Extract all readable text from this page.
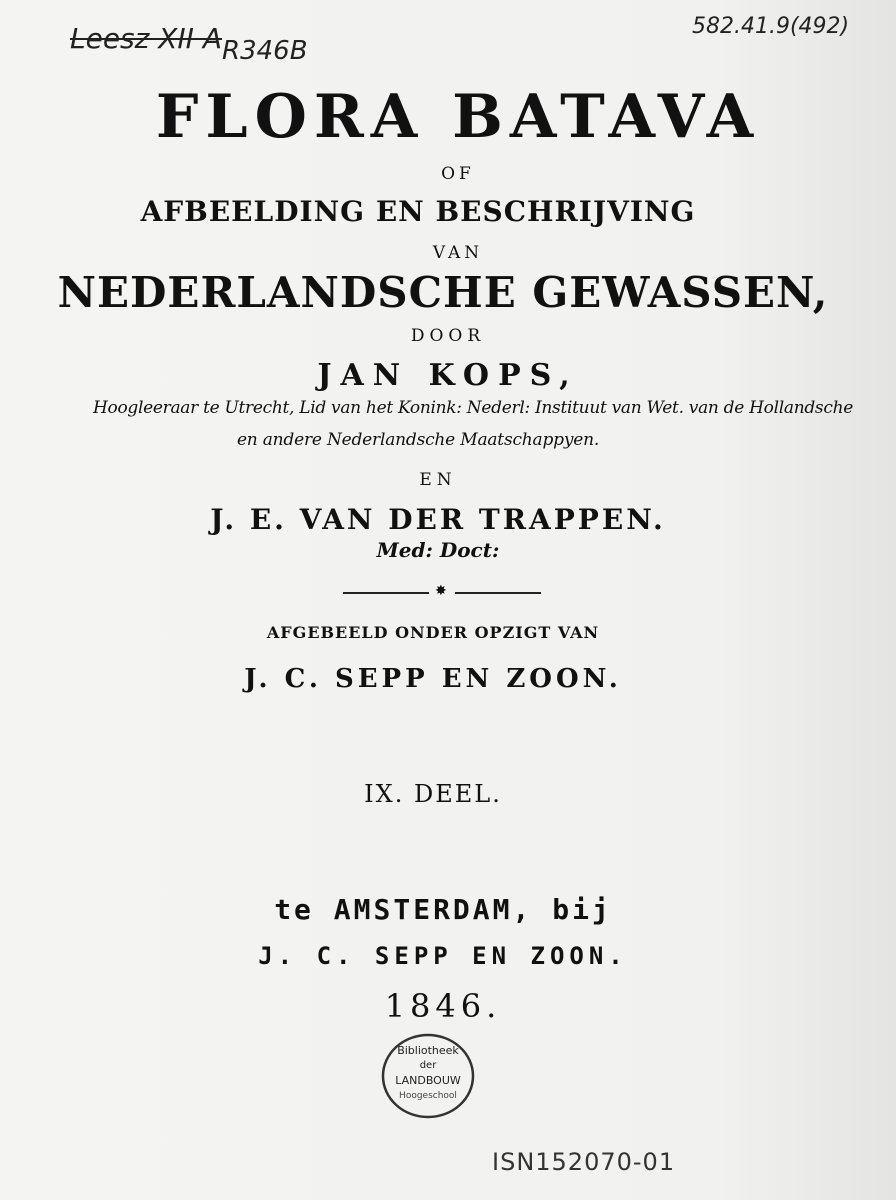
Leesz XII A R346B
582.41.9(492)
FLORA BATAVA
OF
AFBEELDING EN BESCHRIJVING
VAN
NEDERLANDSCHE GEWASSEN,
DOOR
JAN KOPS,
Hoogleeraar te Utrecht, Lid van het Konink: Nederl: Instituut van Wet. van de Hollandsche
en andere Nederlandsche Maatschappyen.
EN
J. E. VAN DER TRAPPEN.
Med: Doct:
✸
AFGEBEELD ONDER OPZIGT VAN
J. C. SEPP EN ZOON.
IX. DEEL.
te AMSTERDAM, bij
J. C. SEPP EN ZOON.
1846.
Bibliotheek
der
LANDBOUW
Hoogeschool
ISN152070-01
